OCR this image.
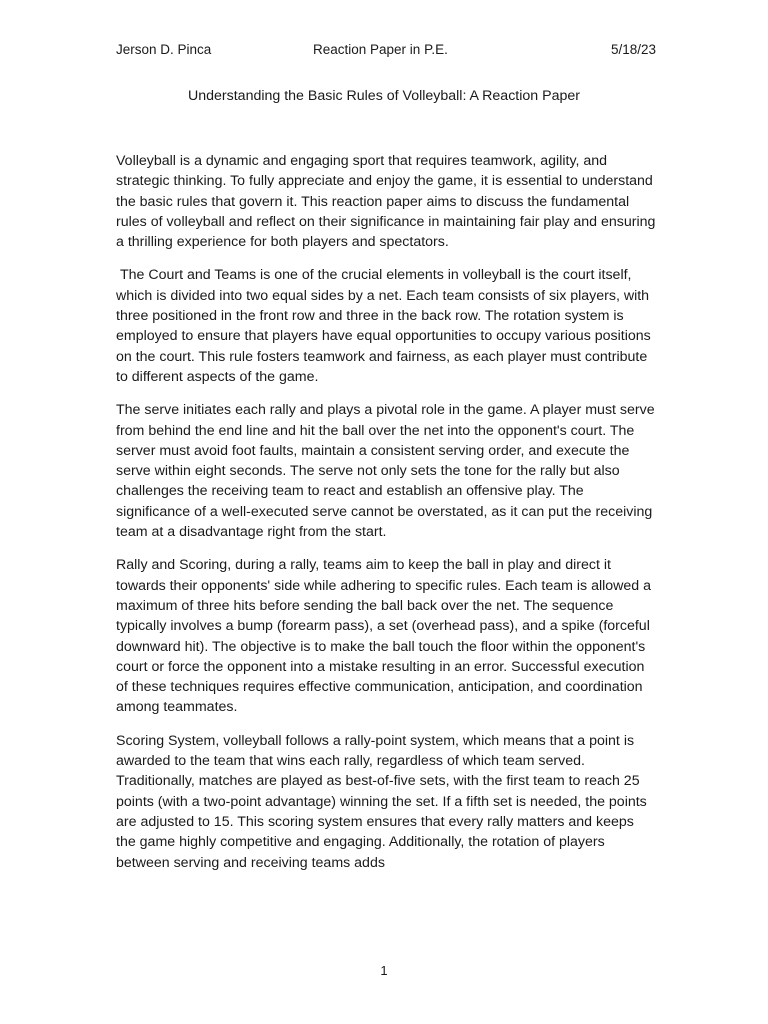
Jerson D. Pinca	Reaction Paper in P.E.	5/18/23
Understanding the Basic Rules of Volleyball: A Reaction Paper

Volleyball is a dynamic and engaging sport that requires teamwork, agility, and strategic thinking. To fully appreciate and enjoy the game, it is essential to understand the basic rules that govern it. This reaction paper aims to discuss the fundamental rules of volleyball and reflect on their significance in maintaining fair play and ensuring a thrilling experience for both players and spectators.

The Court and Teams is one of the crucial elements in volleyball is the court itself, which is divided into two equal sides by a net. Each team consists of six players, with three positioned in the front row and three in the back row. The rotation system is employed to ensure that players have equal opportunities to occupy various positions on the court. This rule fosters teamwork and fairness, as each player must contribute to different aspects of the game.

The serve initiates each rally and plays a pivotal role in the game. A player must serve from behind the end line and hit the ball over the net into the opponent's court. The server must avoid foot faults, maintain a consistent serving order, and execute the serve within eight seconds. The serve not only sets the tone for the rally but also challenges the receiving team to react and establish an offensive play. The significance of a well-executed serve cannot be overstated, as it can put the receiving team at a disadvantage right from the start.

Rally and Scoring, during a rally, teams aim to keep the ball in play and direct it towards their opponents' side while adhering to specific rules. Each team is allowed a maximum of three hits before sending the ball back over the net. The sequence typically involves a bump (forearm pass), a set (overhead pass), and a spike (forceful downward hit). The objective is to make the ball touch the floor within the opponent's court or force the opponent into a mistake resulting in an error. Successful execution of these techniques requires effective communication, anticipation, and coordination among teammates.

Scoring System, volleyball follows a rally-point system, which means that a point is awarded to the team that wins each rally, regardless of which team served. Traditionally, matches are played as best-of-five sets, with the first team to reach 25 points (with a two-point advantage) winning the set. If a fifth set is needed, the points are adjusted to 15. This scoring system ensures that every rally matters and keeps the game highly competitive and engaging. Additionally, the rotation of players between serving and receiving teams adds

1
